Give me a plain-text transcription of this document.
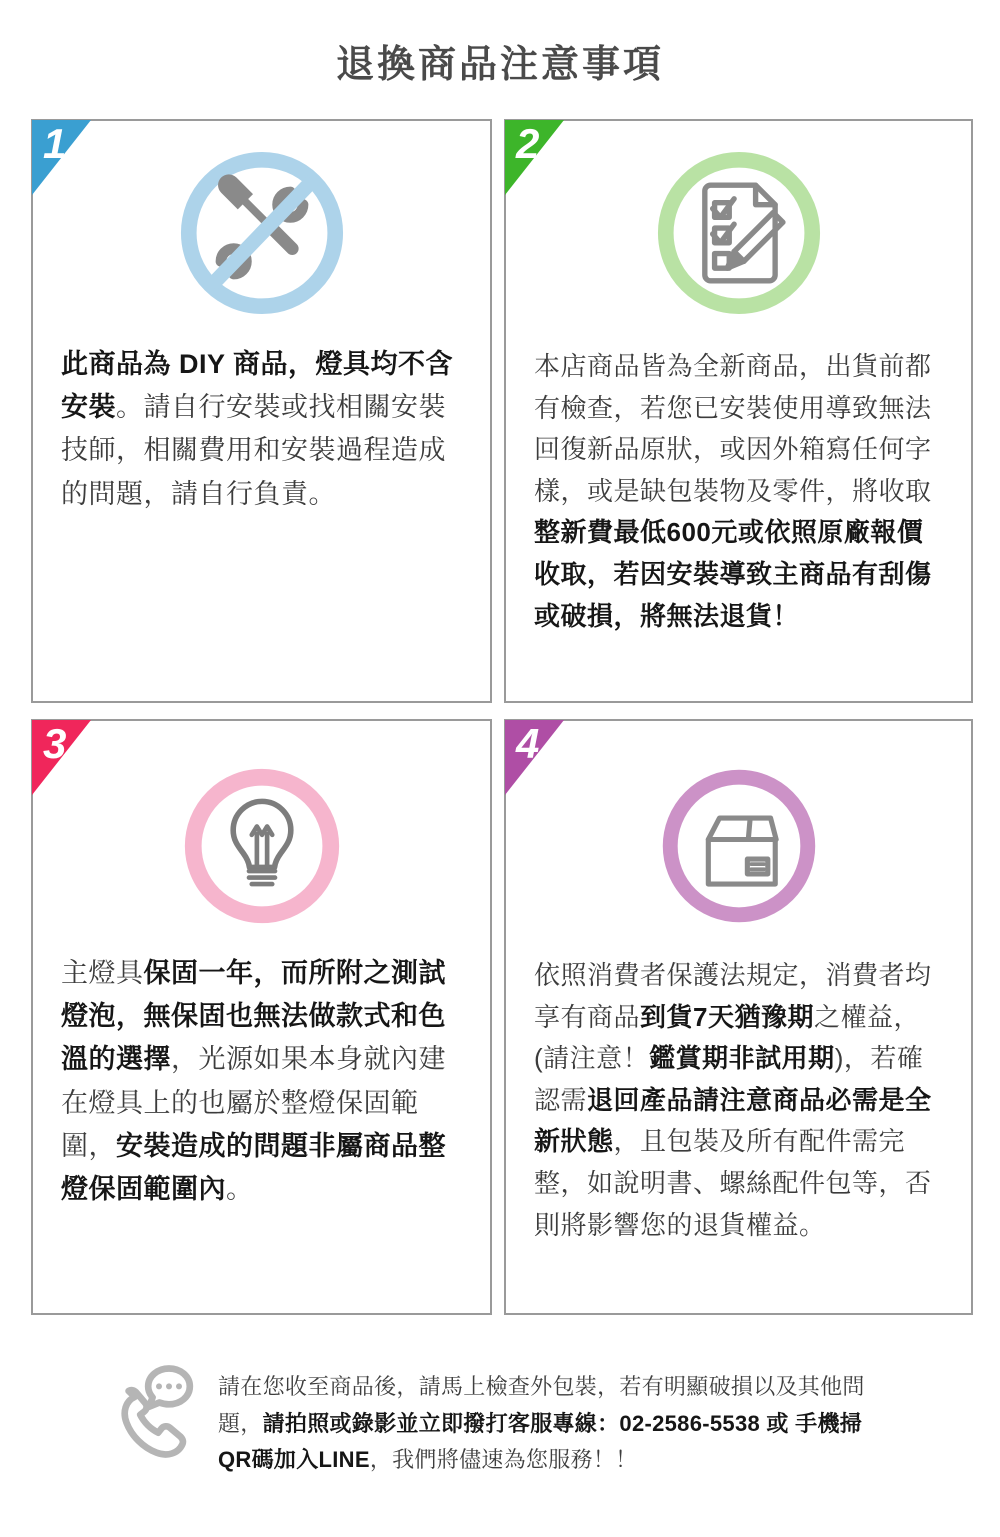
退換商品注意事項
1

此商品為 DIY 商品，燈具均不含安裝。請自行安裝或找相關安裝技師，相關費用和安裝過程造成的問題，請自行負責。

2

本店商品皆為全新商品，出貨前都有檢查，若您已安裝使用導致無法回復新品原狀，或因外箱寫任何字樣，或是缺包裝物及零件，將收取整新費最低600元或依照原廠報價收取，若因安裝導致主商品有刮傷或破損，將無法退貨！

3

主燈具保固一年，而所附之測試燈泡，無保固也無法做款式和色溫的選擇，光源如果本身就內建在燈具上的也屬於整燈保固範圍，安裝造成的問題非屬商品整燈保固範圍內。

4

依照消費者保護法規定，消費者均享有商品到貨7天猶豫期之權益，(請注意！鑑賞期非試用期)，若確認需退回產品請注意商品必需是全新狀態，且包裝及所有配件需完整，如說明書、螺絲配件包等，否則將影響您的退貨權益。

請在您收至商品後，請馬上檢查外包裝，若有明顯破損以及其他問題，請拍照或錄影並立即撥打客服專線：02-2586-5538 或 手機掃QR碼加入LINE，我們將儘速為您服務！！
